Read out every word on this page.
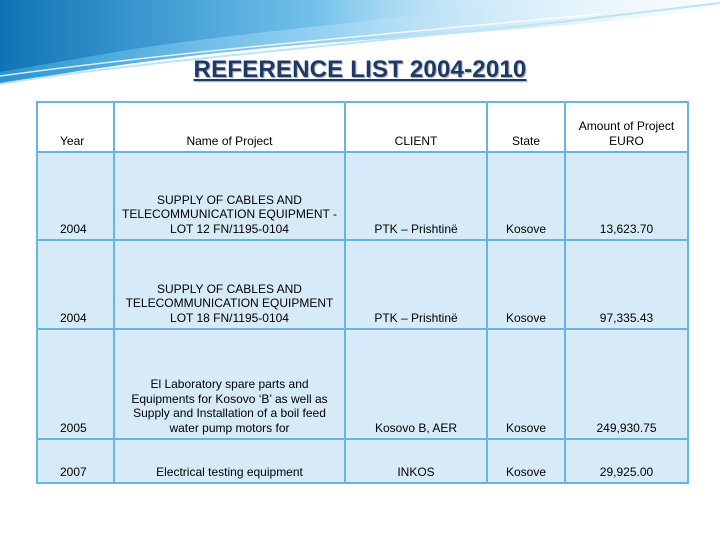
REFERENCE LIST 2004-2010
Year	Name of Project	CLIENT	State	Amount of Project EURO
2004	SUPPLY OF CABLES AND TELECOMMUNICATION EQUIPMENT - LOT 12 FN/1195-0104	PTK – Prishtinë	Kosove	13,623.70
2004	SUPPLY OF CABLES AND TELECOMMUNICATION EQUIPMENT LOT 18 FN/1195-0104	PTK – Prishtinë	Kosove	97,335.43
2005	El Laboratory spare parts and Equipments for Kosovo ‘B’ as well as Supply and Installation of a boil feed water pump motors for	Kosovo B, AER	Kosove	249,930.75
2007	Electrical testing equipment	INKOS	Kosove	29,925.00
